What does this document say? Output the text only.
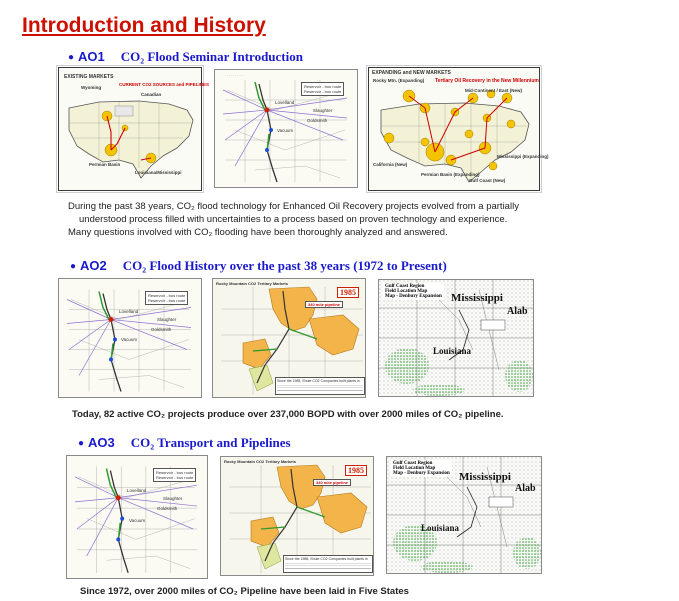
Introduction and History
● AO1 CO₂ Flood Seminar Introduction
EXISTING MARKETS
CURRENT CO2 SOURCES and PIPELINES
Wyoming
Canadian
Permian Basin
Louisiana/Mississippi
. . . . . . . . . .
Reservoir - bus route
Reservoir - bus route
Lovelland
Slaughter
Goldsmith
Vacuum
EXPANDING and NEW MARKETS
Tertiary Oil Recovery in the New Millennium
Rocky Mtn. (Expanding)
Mid-Continent / East (New)
California (New)
Permian Basin (Expanding)
Mississippi (Expanding)
Gulf Coast (New)
During the past 38 years, CO₂ flood technology for Enhanced Oil Recovery projects evolved from a partially
understood process filled with uncertainties to a process based on proven technology and experience.
Many questions involved with CO₂ flooding have been thoroughly analyzed and answered.
● AO2 CO₂ Flood History over the past 38 years (1972 to Present)
Reservoir - bus route
Reservoir - bus route
Lovelland
Slaughter
Goldsmith
Vacuum
Rocky Mountain CO2 Tertiary Markets
1985
340 mile pipeline
Since the 1985, Shute CO2 Companies built plants in
Gulf Coast Region
Field Location Map
Map - Denbury Expansion Mississippi
Alab
Louisiana
Today, 82 active CO₂ projects produce over 237,000 BOPD with over 2000 miles of CO₂ pipeline.
● AO3 CO₂ Transport and Pipelines
Reservoir - bus route
Reservoir - bus route
Lovelland
Slaughter
Goldsmith
Vacuum
Rocky Mountain CO2 Tertiary Markets
1985
340 mile pipeline
Since the 1985, Shute CO2 Companies built plants in
Gulf Coast Region
Field Location Map
Map - Denbury Expansion Mississippi
Alab
Louisiana
Since 1972, over 2000 miles of CO₂ Pipeline have been laid in Five States
